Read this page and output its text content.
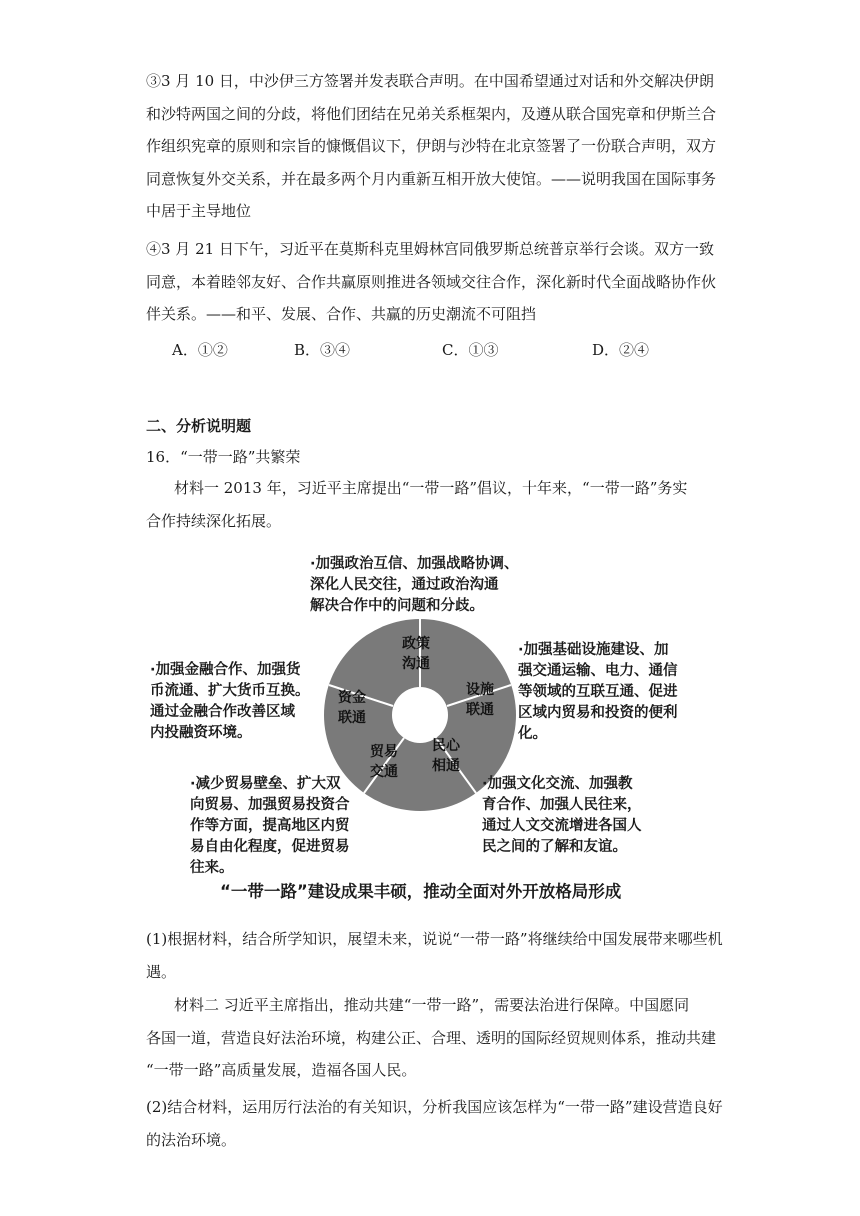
③3 月 10 日，中沙伊三方签署并发表联合声明。在中国希望通过对话和外交解决伊朗
和沙特两国之间的分歧，将他们团结在兄弟关系框架内，及遵从联合国宪章和伊斯兰合
作组织宪章的原则和宗旨的慷慨倡议下，伊朗与沙特在北京签署了一份联合声明，双方
同意恢复外交关系，并在最多两个月内重新互相开放大使馆。——说明我国在国际事务
中居于主导地位
④3 月 21 日下午，习近平在莫斯科克里姆林宫同俄罗斯总统普京举行会谈。双方一致
同意，本着睦邻友好、合作共赢原则推进各领域交往合作，深化新时代全面战略协作伙
伴关系。——和平、发展、合作、共赢的历史潮流不可阻挡
A．①②	B．③④	C．①③	D．②④
二、分析说明题
16．“一带一路”共繁荣
材料一 2013 年，习近平主席提出“一带一路”倡议，十年来，“一带一路”务实
合作持续深化拓展。
政策
沟通
设施
联通
民心
相通
贸易
交通
资金
联通
·加强政治互信、加强战略协调、
深化人民交往，通过政治沟通
解决合作中的问题和分歧。
·加强基础设施建设、加
强交通运输、电力、通信
等领域的互联互通、促进
区域内贸易和投资的便利
化。
·加强金融合作、加强货
币流通、扩大货币互换。
通过金融合作改善区域
内投融资环境。
·减少贸易壁垒、扩大双
向贸易、加强贸易投资合
作等方面，提高地区内贸
易自由化程度，促进贸易
往来。
·加强文化交流、加强教
育合作、加强人民往来，
通过人文交流增进各国人
民之间的了解和友谊。
“一带一路”建设成果丰硕，推动全面对外开放格局形成
(1)根据材料，结合所学知识，展望未来，说说“一带一路”将继续给中国发展带来哪些机
遇。
材料二 习近平主席指出，推动共建“一带一路”，需要法治进行保障。中国愿同
各国一道，营造良好法治环境，构建公正、合理、透明的国际经贸规则体系，推动共建
“一带一路”高质量发展，造福各国人民。
(2)结合材料，运用厉行法治的有关知识，分析我国应该怎样为“一带一路”建设营造良好
的法治环境。
